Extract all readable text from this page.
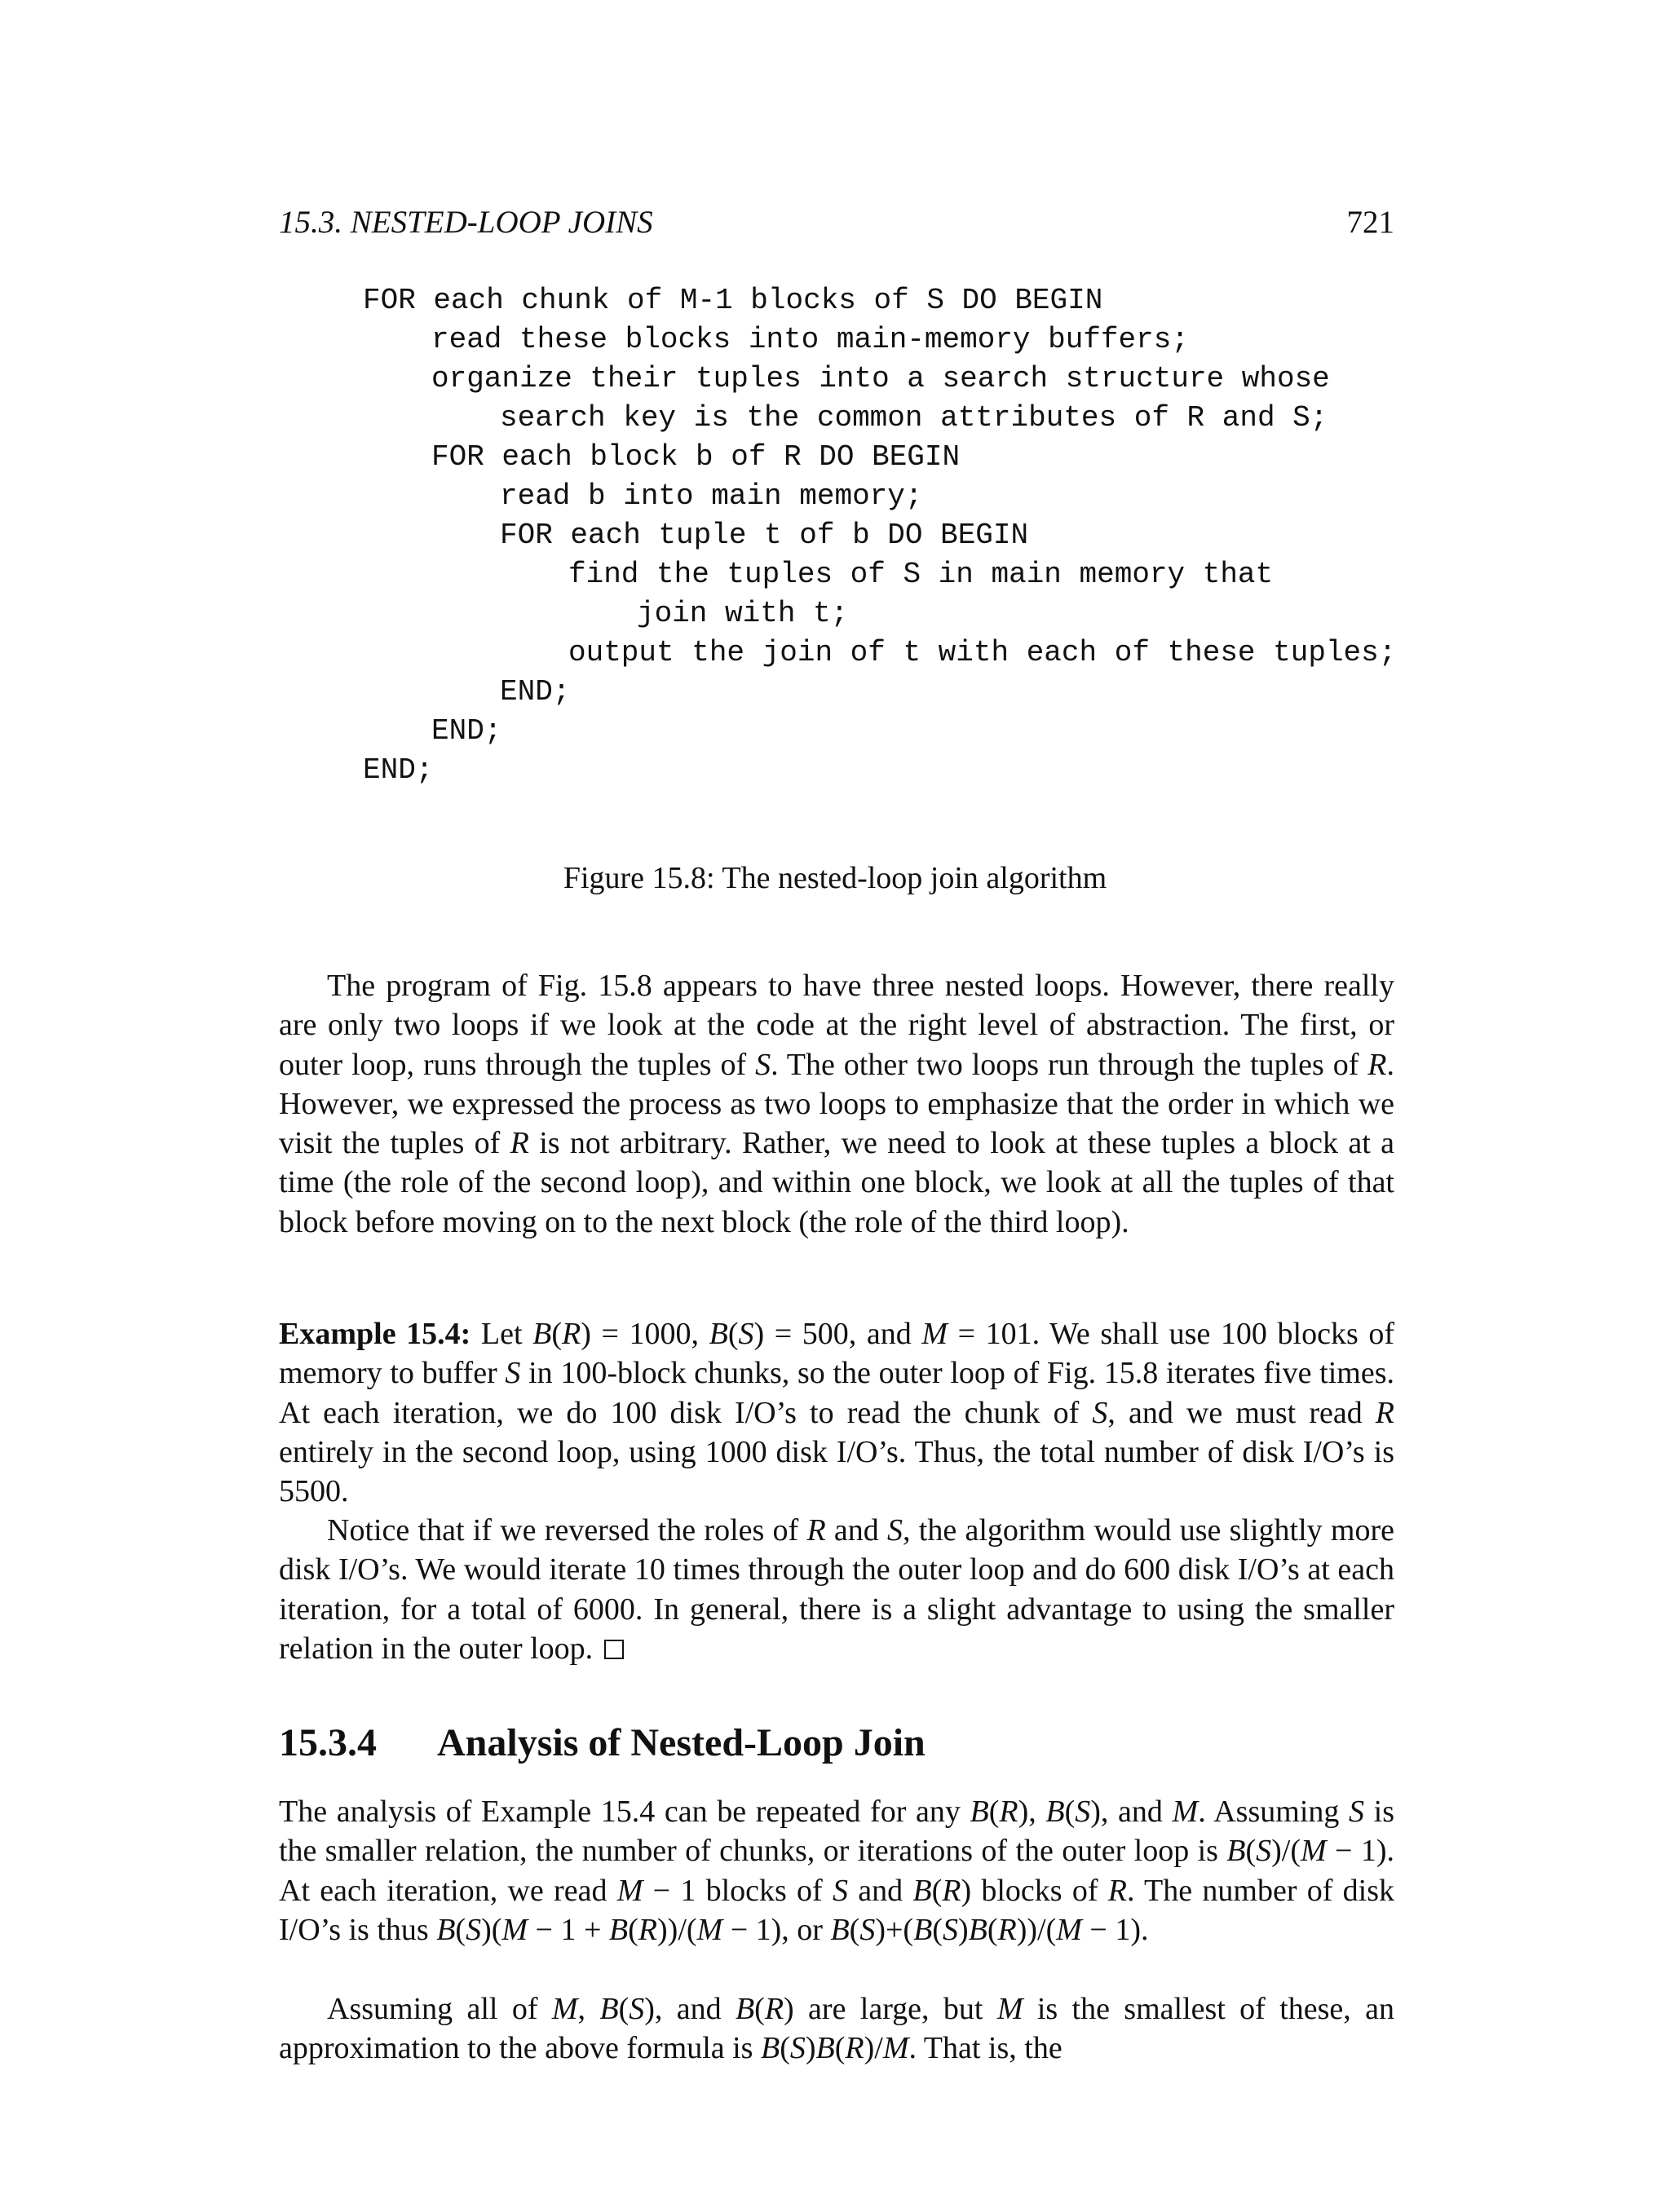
15.3. NESTED-LOOP JOINS	721
FOR each chunk of M-1 blocks of S DO BEGIN
read these blocks into main-memory buffers;
organize their tuples into a search structure whose
search key is the common attributes of R and S;
FOR each block b of R DO BEGIN
read b into main memory;
FOR each tuple t of b DO BEGIN
find the tuples of S in main memory that
join with t;
output the join of t with each of these tuples;
END;
END;
END;
Figure 15.8: The nested-loop join algorithm
The program of Fig. 15.8 appears to have three nested loops. However, there really are only two loops if we look at the code at the right level of abstraction. The first, or outer loop, runs through the tuples of S. The other two loops run through the tuples of R. However, we expressed the process as two loops to emphasize that the order in which we visit the tuples of R is not arbitrary. Rather, we need to look at these tuples a block at a time (the role of the second loop), and within one block, we look at all the tuples of that block before moving on to the next block (the role of the third loop).
Example 15.4: Let B(R) = 1000, B(S) = 500, and M = 101. We shall use 100 blocks of memory to buffer S in 100-block chunks, so the outer loop of Fig. 15.8 iterates five times. At each iteration, we do 100 disk I/O’s to read the chunk of S, and we must read R entirely in the second loop, using 1000 disk I/O’s. Thus, the total number of disk I/O’s is 5500.
Notice that if we reversed the roles of R and S, the algorithm would use slightly more disk I/O’s. We would iterate 10 times through the outer loop and do 600 disk I/O’s at each iteration, for a total of 6000. In general, there is a slight advantage to using the smaller relation in the outer loop.
15.3.4 Analysis of Nested-Loop Join
The analysis of Example 15.4 can be repeated for any B(R), B(S), and M. Assuming S is the smaller relation, the number of chunks, or iterations of the outer loop is B(S)/(M − 1). At each iteration, we read M − 1 blocks of S and B(R) blocks of R. The number of disk I/O’s is thus B(S)(M − 1 + B(R))/(M − 1), or B(S)+(B(S)B(R))/(M − 1).
Assuming all of M, B(S), and B(R) are large, but M is the smallest of these, an approximation to the above formula is B(S)B(R)/M. That is, the
